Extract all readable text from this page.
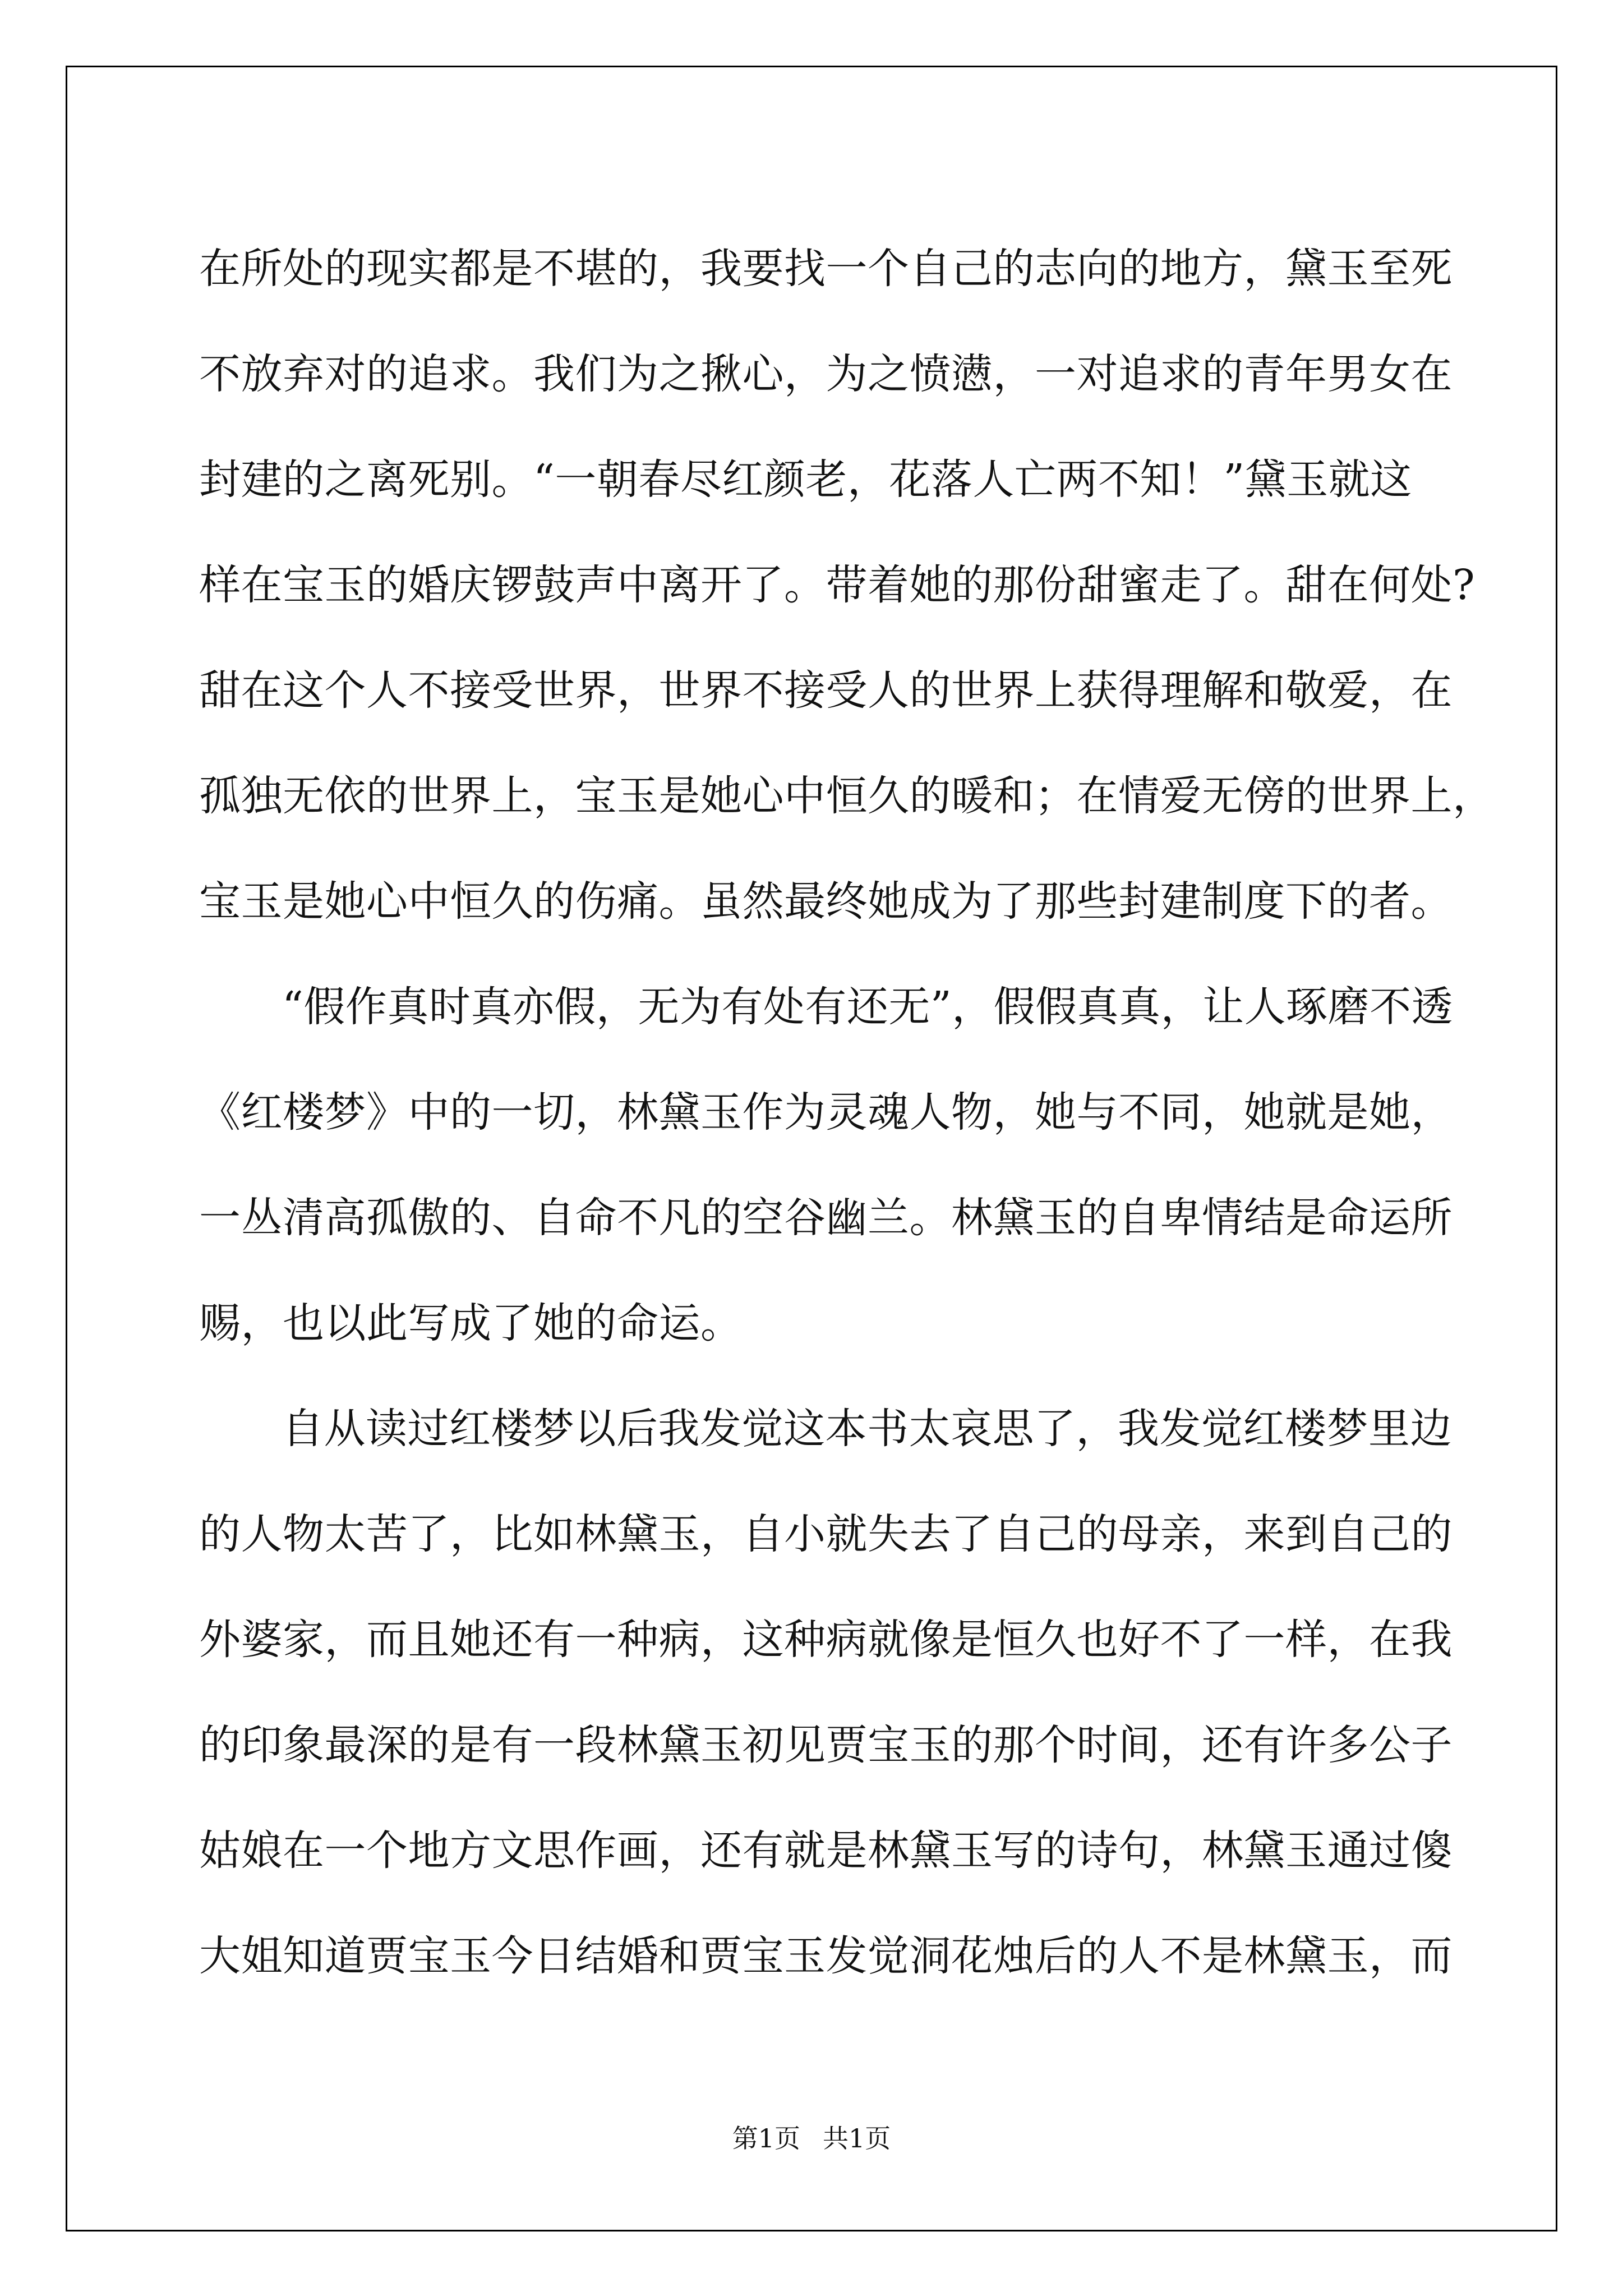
在所处的现实都是不堪的，我要找一个自己的志向的地方，黛玉至死
不放弃对的追求。我们为之揪心，为之愤懑，一对追求的青年男女在
封建的之离死别。“一朝春尽红颜老，花落人亡两不知！”黛玉就这
样在宝玉的婚庆锣鼓声中离开了。带着她的那份甜蜜走了。甜在何处?
甜在这个人不接受世界，世界不接受人的世界上获得理解和敬爱，在
孤独无依的世界上，宝玉是她心中恒久的暖和；在情爱无傍的世界上，
宝玉是她心中恒久的伤痛。虽然最终她成为了那些封建制度下的者。
“假作真时真亦假，无为有处有还无”，假假真真，让人琢磨不透
《红楼梦》中的一切，林黛玉作为灵魂人物，她与不同，她就是她，
一丛清高孤傲的、自命不凡的空谷幽兰。林黛玉的自卑情结是命运所
赐，也以此写成了她的命运。
自从读过红楼梦以后我发觉这本书太哀思了，我发觉红楼梦里边
的人物太苦了，比如林黛玉，自小就失去了自己的母亲，来到自己的
外婆家，而且她还有一种病，这种病就像是恒久也好不了一样，在我
的印象最深的是有一段林黛玉初见贾宝玉的那个时间，还有许多公子
姑娘在一个地方文思作画，还有就是林黛玉写的诗句，林黛玉通过傻
大姐知道贾宝玉今日结婚和贾宝玉发觉洞花烛后的人不是林黛玉，而
第1页 共1页
